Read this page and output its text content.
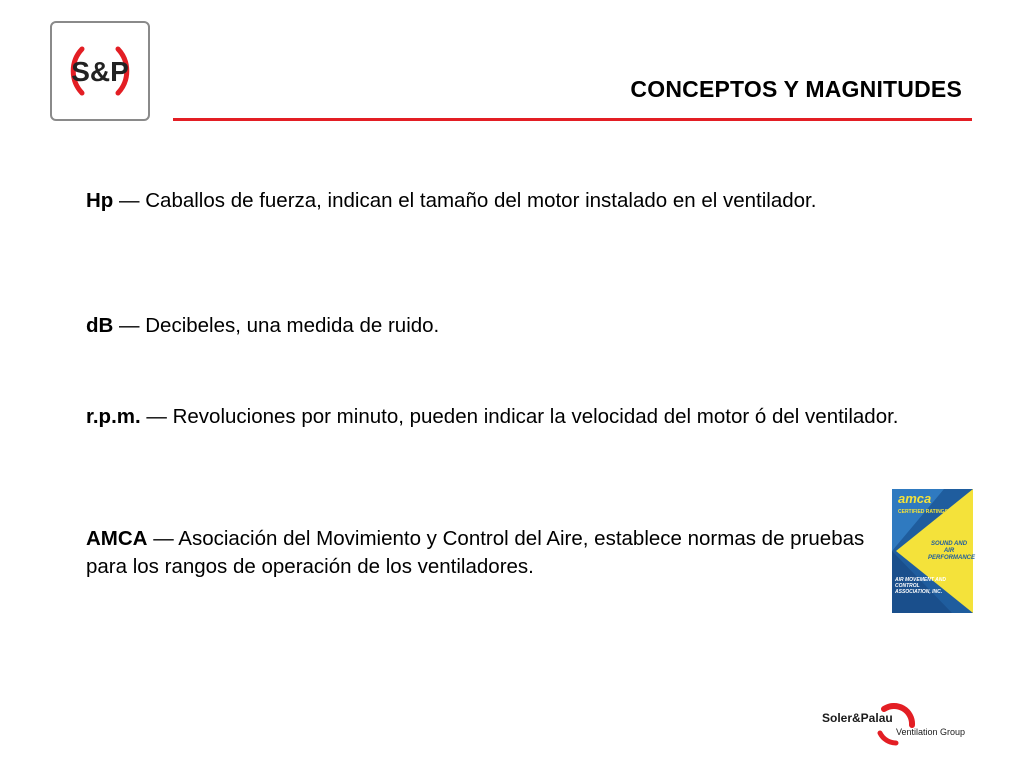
S&P
CONCEPTOS Y MAGNITUDES
Hp — Caballos de fuerza, indican el tamaño del motor instalado en el ventilador.
dB — Decibeles, una medida de ruido.
r.p.m. — Revoluciones por minuto, pueden indicar la velocidad del motor ó del ventilador.
AMCA — Asociación del Movimiento y Control del Aire, establece normas de pruebas para los rangos de operación de los ventiladores.
amca
CERTIFIED RATINGS
SOUND AND AIR PERFORMANCE
AIR MOVEMENT AND CONTROL ASSOCIATION, INC.
Soler&Palau
Ventilation Group
